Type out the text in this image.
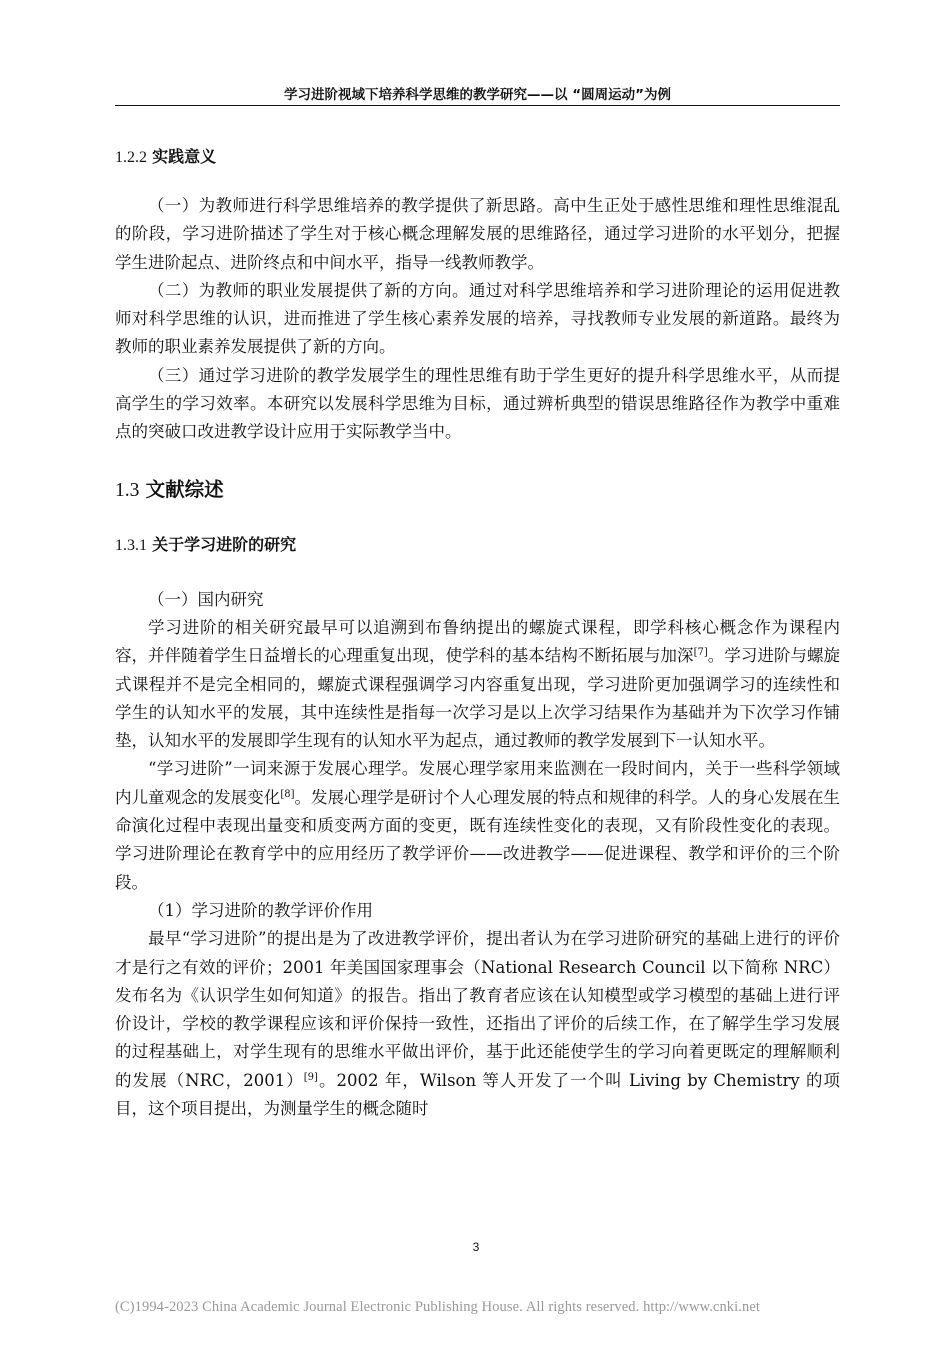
学习进阶视域下培养科学思维的教学研究——以 “圆周运动”为例
1.2.2 实践意义

（一）为教师进行科学思维培养的教学提供了新思路。高中生正处于感性思维和理性思维混乱的阶段，学习进阶描述了学生对于核心概念理解发展的思维路径，通过学习进阶的水平划分，把握学生进阶起点、进阶终点和中间水平，指导一线教师教学。

（二）为教师的职业发展提供了新的方向。通过对科学思维培养和学习进阶理论的运用促进教师对科学思维的认识，进而推进了学生核心素养发展的培养，寻找教师专业发展的新道路。最终为教师的职业素养发展提供了新的方向。

（三）通过学习进阶的教学发展学生的理性思维有助于学生更好的提升科学思维水平，从而提高学生的学习效率。本研究以发展科学思维为目标，通过辨析典型的错误思维路径作为教学中重难点的突破口改进教学设计应用于实际教学当中。

1.3 文献综述
1.3.1 关于学习进阶的研究

（一）国内研究

学习进阶的相关研究最早可以追溯到布鲁纳提出的螺旋式课程，即学科核心概念作为课程内容，并伴随着学生日益增长的心理重复出现，使学科的基本结构不断拓展与加深[7]。学习进阶与螺旋式课程并不是完全相同的，螺旋式课程强调学习内容重复出现，学习进阶更加强调学习的连续性和学生的认知水平的发展，其中连续性是指每一次学习是以上次学习结果作为基础并为下次学习作铺垫，认知水平的发展即学生现有的认知水平为起点，通过教师的教学发展到下一认知水平。

“学习进阶”一词来源于发展心理学。发展心理学家用来监测在一段时间内，关于一些科学领域内儿童观念的发展变化[8]。发展心理学是研讨个人心理发展的特点和规律的科学。人的身心发展在生命演化过程中表现出量变和质变两方面的变更，既有连续性变化的表现，又有阶段性变化的表现。学习进阶理论在教育学中的应用经历了教学评价——改进教学——促进课程、教学和评价的三个阶段。

（1）学习进阶的教学评价作用

最早“学习进阶”的提出是为了改进教学评价，提出者认为在学习进阶研究的基础上进行的评价才是行之有效的评价；2001 年美国国家理事会（National Research Council 以下简称 NRC）发布名为《认识学生如何知道》的报告。指出了教育者应该在认知模型或学习模型的基础上进行评价设计，学校的教学课程应该和评价保持一致性，还指出了评价的后续工作，在了解学生学习发展的过程基础上，对学生现有的思维水平做出评价，基于此还能使学生的学习向着更既定的理解顺利的发展（NRC，2001）[9]。2002 年，Wilson 等人开发了一个叫 Living by Chemistry 的项目，这个项目提出，为测量学生的概念随时

3
(C)1994-2023 China Academic Journal Electronic Publishing House. All rights reserved. http://www.cnki.net
